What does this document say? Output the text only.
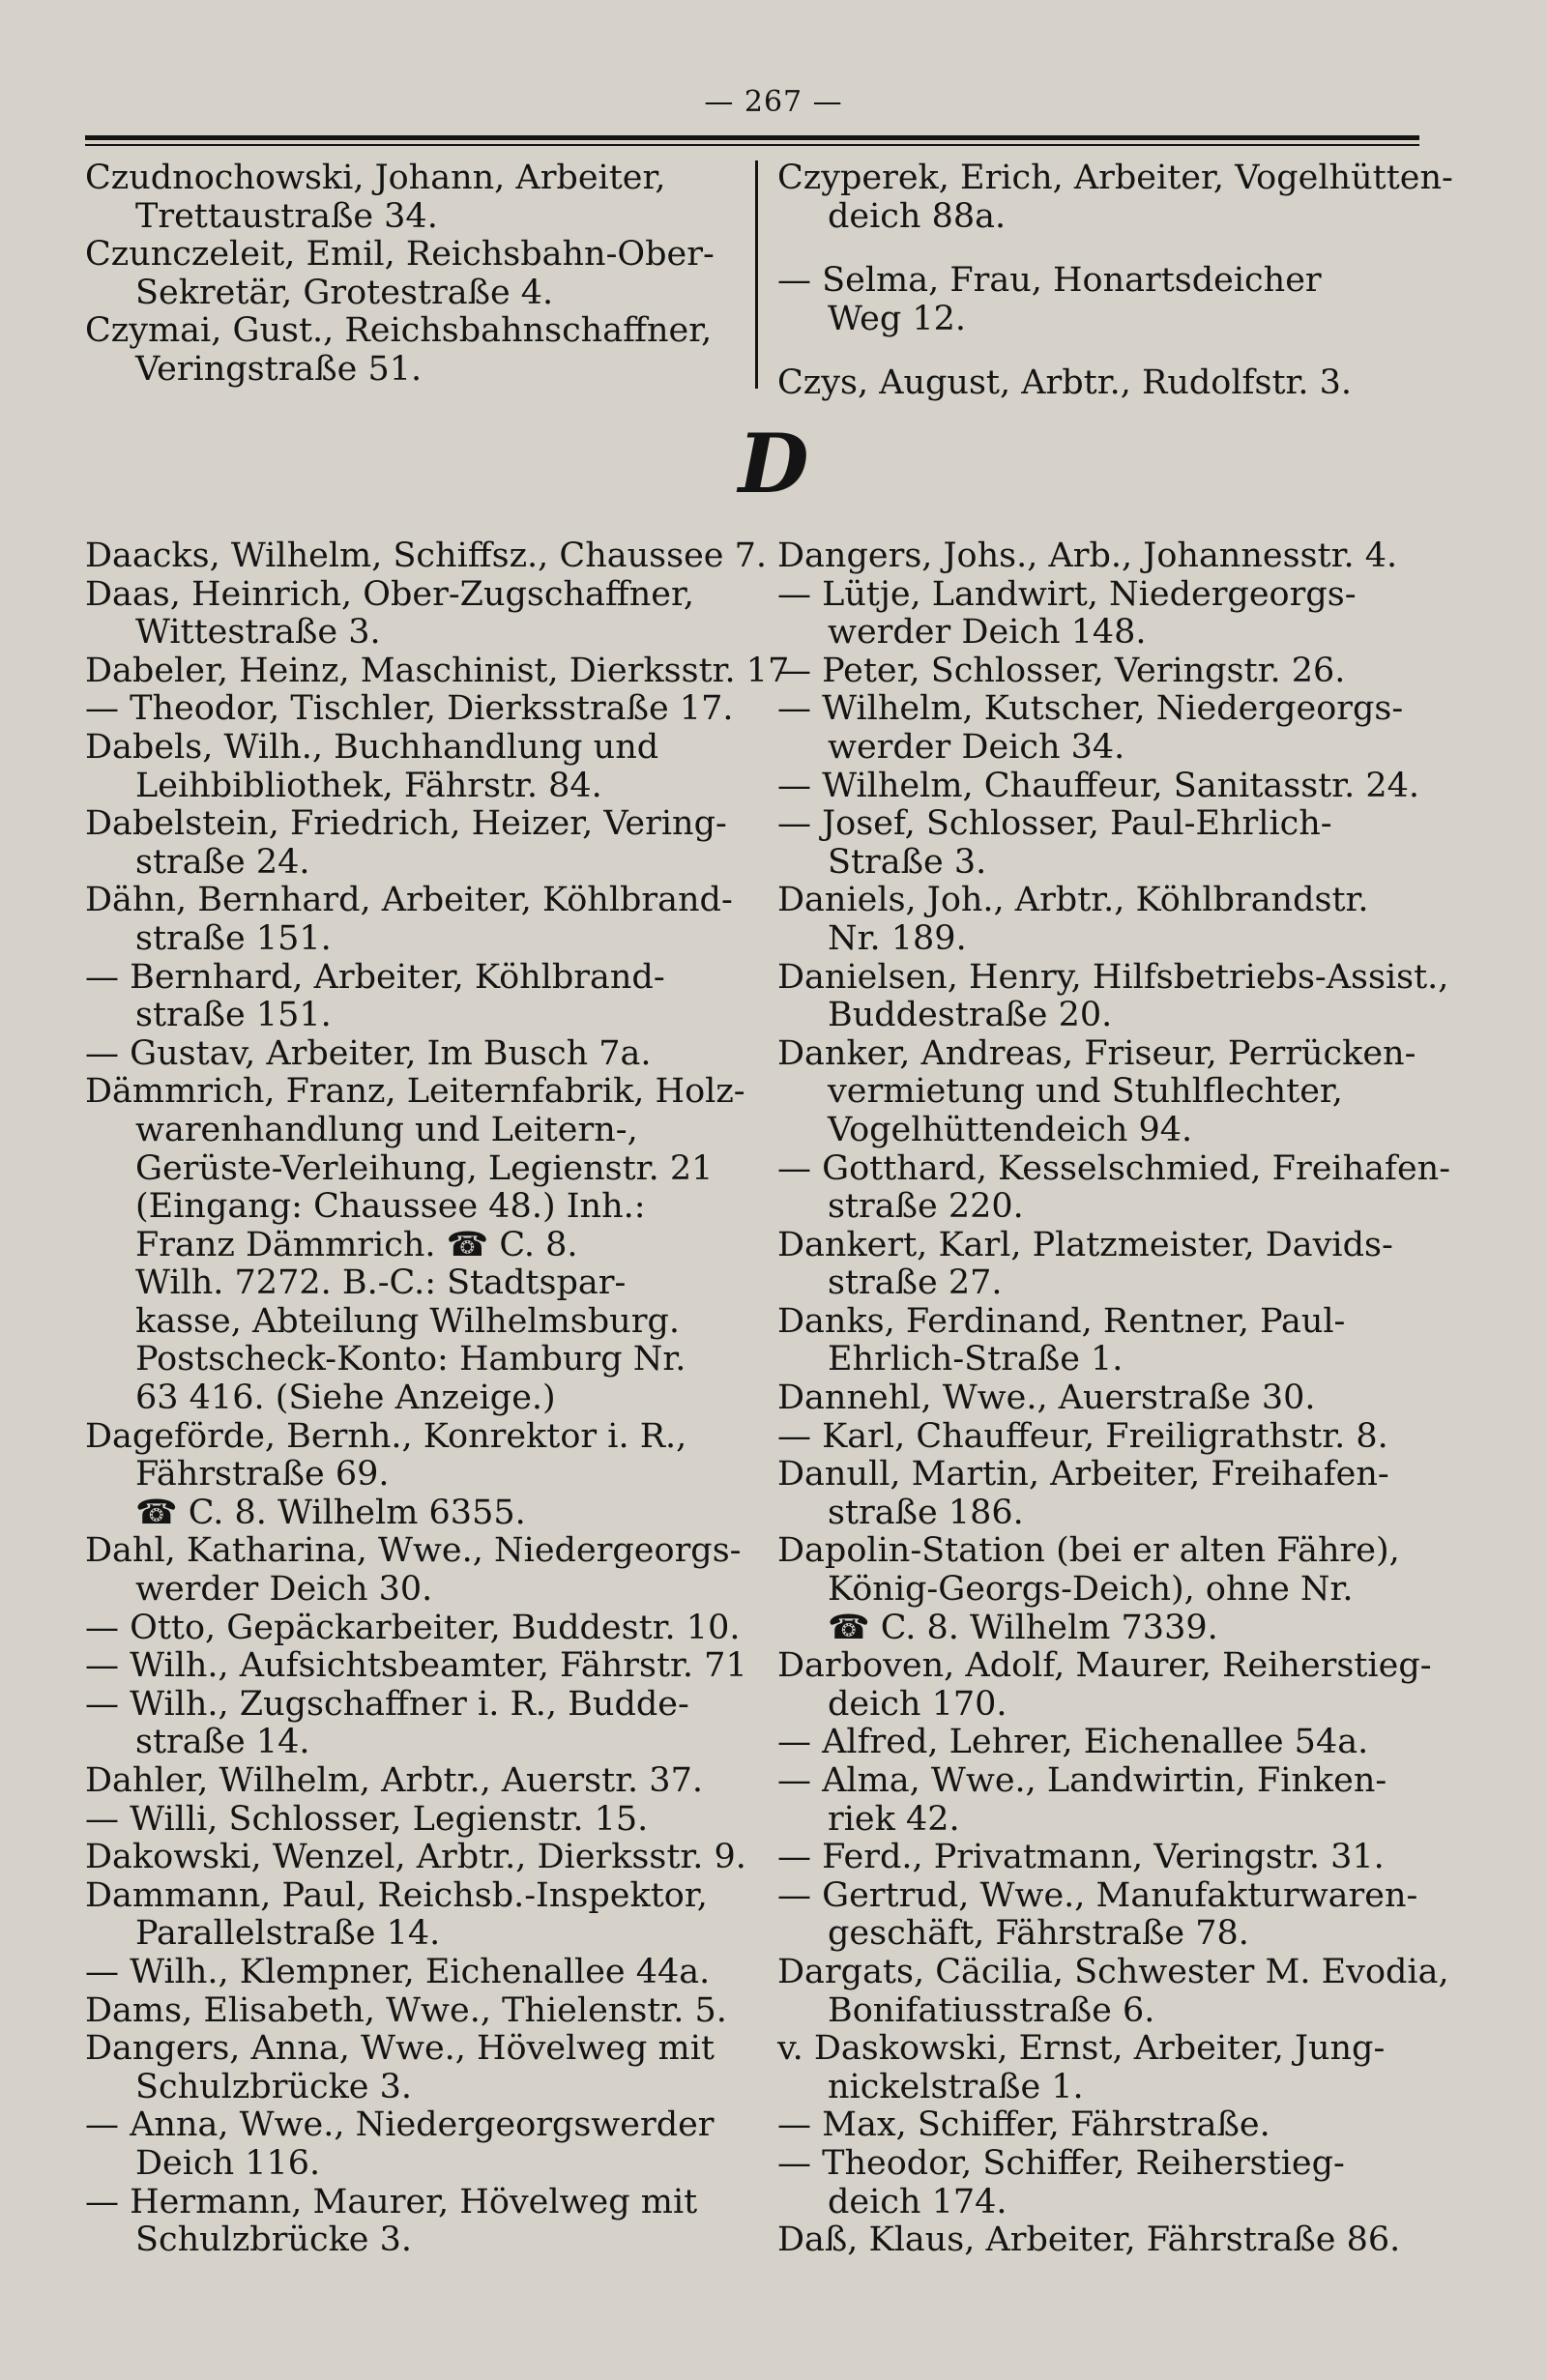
— 267 —
Czudnochowski, Johann, Arbeiter,
Trettaustraße 34.
Czunczeleit, Emil, Reichsbahn-Ober-
Sekretär, Grotestraße 4.
Czymai, Gust., Reichsbahnschaffner,
Veringstraße 51.
Czyperek, Erich, Arbeiter, Vogelhütten-
deich 88a.
— Selma, Frau, Honartsdeicher
Weg 12.
Czys, August, Arbtr., Rudolfstr. 3.
D
Daacks, Wilhelm, Schiffsz., Chaussee 7.
Daas, Heinrich, Ober-Zugschaffner,
Wittestraße 3.
Dabeler, Heinz, Maschinist, Dierksstr. 17
— Theodor, Tischler, Dierksstraße 17.
Dabels, Wilh., Buchhandlung und
Leihbibliothek, Fährstr. 84.
Dabelstein, Friedrich, Heizer, Vering-
straße 24.
Dähn, Bernhard, Arbeiter, Köhlbrand-
straße 151.
— Bernhard, Arbeiter, Köhlbrand-
straße 151.
— Gustav, Arbeiter, Im Busch 7a.
Dämmrich, Franz, Leiternfabrik, Holz-
warenhandlung und Leitern-,
Gerüste-Verleihung, Legienstr. 21
(Eingang: Chaussee 48.) Inh.:
Franz Dämmrich. ☎ C. 8.
Wilh. 7272. B.-C.: Stadtspar-
kasse, Abteilung Wilhelmsburg.
Postscheck-Konto: Hamburg Nr.
63 416. (Siehe Anzeige.)
Dageförde, Bernh., Konrektor i. R.,
Fährstraße 69.
☎ C. 8. Wilhelm 6355.
Dahl, Katharina, Wwe., Niedergeorgs-
werder Deich 30.
— Otto, Gepäckarbeiter, Buddestr. 10.
— Wilh., Aufsichtsbeamter, Fährstr. 71
— Wilh., Zugschaffner i. R., Budde-
straße 14.
Dahler, Wilhelm, Arbtr., Auerstr. 37.
— Willi, Schlosser, Legienstr. 15.
Dakowski, Wenzel, Arbtr., Dierksstr. 9.
Dammann, Paul, Reichsb.-Inspektor,
Parallelstraße 14.
— Wilh., Klempner, Eichenallee 44a.
Dams, Elisabeth, Wwe., Thielenstr. 5.
Dangers, Anna, Wwe., Hövelweg mit
Schulzbrücke 3.
— Anna, Wwe., Niedergeorgswerder
Deich 116.
— Hermann, Maurer, Hövelweg mit
Schulzbrücke 3.
Dangers, Johs., Arb., Johannesstr. 4.
— Lütje, Landwirt, Niedergeorgs-
werder Deich 148.
— Peter, Schlosser, Veringstr. 26.
— Wilhelm, Kutscher, Niedergeorgs-
werder Deich 34.
— Wilhelm, Chauffeur, Sanitasstr. 24.
— Josef, Schlosser, Paul-Ehrlich-
Straße 3.
Daniels, Joh., Arbtr., Köhlbrandstr.
Nr. 189.
Danielsen, Henry, Hilfsbetriebs-Assist.,
Buddestraße 20.
Danker, Andreas, Friseur, Perrücken-
vermietung und Stuhlflechter,
Vogelhüttendeich 94.
— Gotthard, Kesselschmied, Freihafen-
straße 220.
Dankert, Karl, Platzmeister, Davids-
straße 27.
Danks, Ferdinand, Rentner, Paul-
Ehrlich-Straße 1.
Dannehl, Wwe., Auerstraße 30.
— Karl, Chauffeur, Freiligrathstr. 8.
Danull, Martin, Arbeiter, Freihafen-
straße 186.
Dapolin-Station (bei er alten Fähre),
König-Georgs-Deich), ohne Nr.
☎ C. 8. Wilhelm 7339.
Darboven, Adolf, Maurer, Reiherstieg-
deich 170.
— Alfred, Lehrer, Eichenallee 54a.
— Alma, Wwe., Landwirtin, Finken-
riek 42.
— Ferd., Privatmann, Veringstr. 31.
— Gertrud, Wwe., Manufakturwaren-
geschäft, Fährstraße 78.
Dargats, Cäcilia, Schwester M. Evodia,
Bonifatiusstraße 6.
v. Daskowski, Ernst, Arbeiter, Jung-
nickelstraße 1.
— Max, Schiffer, Fährstraße.
— Theodor, Schiffer, Reiherstieg-
deich 174.
Daß, Klaus, Arbeiter, Fährstraße 86.
